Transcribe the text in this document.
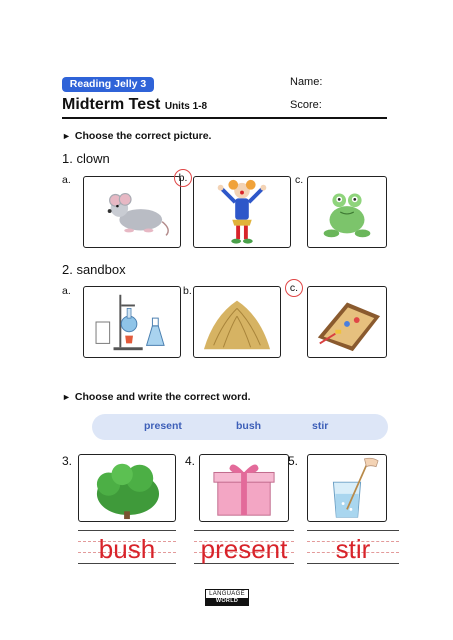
Reading Jelly 3	Name:
Midterm Test Units 1-8	Score:
► Choose the correct picture.
1. clown
a.	b.	c.
2. sandbox
a.	b.	c.
► Choose and write the correct word.
present	bush	stir
3.	4.	5.
bush	present	stir
LANGUAGE
WORLD
